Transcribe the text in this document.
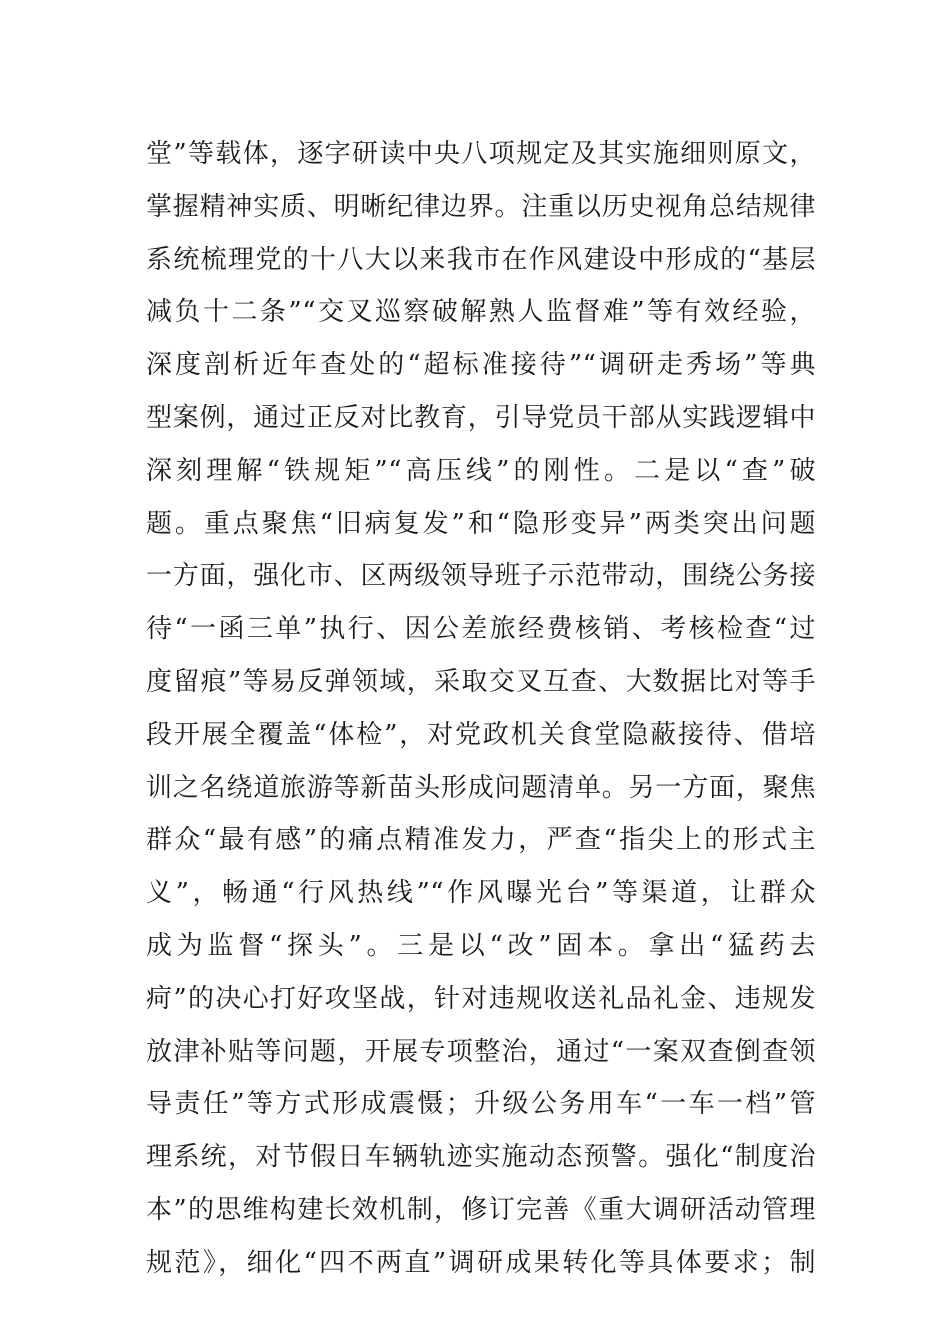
堂”等载体，逐字研读中央八项规定及其实施细则原文，
掌握精神实质、明晰纪律边界。注重以历史视角总结规律
系统梳理党的十八大以来我市在作风建设中形成的“基层
减负十二条”“交叉巡察破解熟人监督难”等有效经验，
深度剖析近年查处的“超标准接待”“调研走秀场”等典
型案例，通过正反对比教育，引导党员干部从实践逻辑中
深刻理解“铁规矩”“高压线”的刚性。二是以“查”破
题。重点聚焦“旧病复发”和“隐形变异”两类突出问题
一方面，强化市、区两级领导班子示范带动，围绕公务接
待“一函三单”执行、因公差旅经费核销、考核检查“过
度留痕”等易反弹领域，采取交叉互查、大数据比对等手
段开展全覆盖“体检”，对党政机关食堂隐蔽接待、借培
训之名绕道旅游等新苗头形成问题清单。另一方面，聚焦
群众“最有感”的痛点精准发力，严查“指尖上的形式主
义”，畅通“行风热线”“作风曝光台”等渠道，让群众
成为监督“探头”。三是以“改”固本。拿出“猛药去
疴”的决心打好攻坚战，针对违规收送礼品礼金、违规发
放津补贴等问题，开展专项整治，通过“一案双查倒查领
导责任”等方式形成震慑；升级公务用车“一车一档”管
理系统，对节假日车辆轨迹实施动态预警。强化“制度治
本”的思维构建长效机制，修订完善《重大调研活动管理
规范》，细化“四不两直”调研成果转化等具体要求；制
